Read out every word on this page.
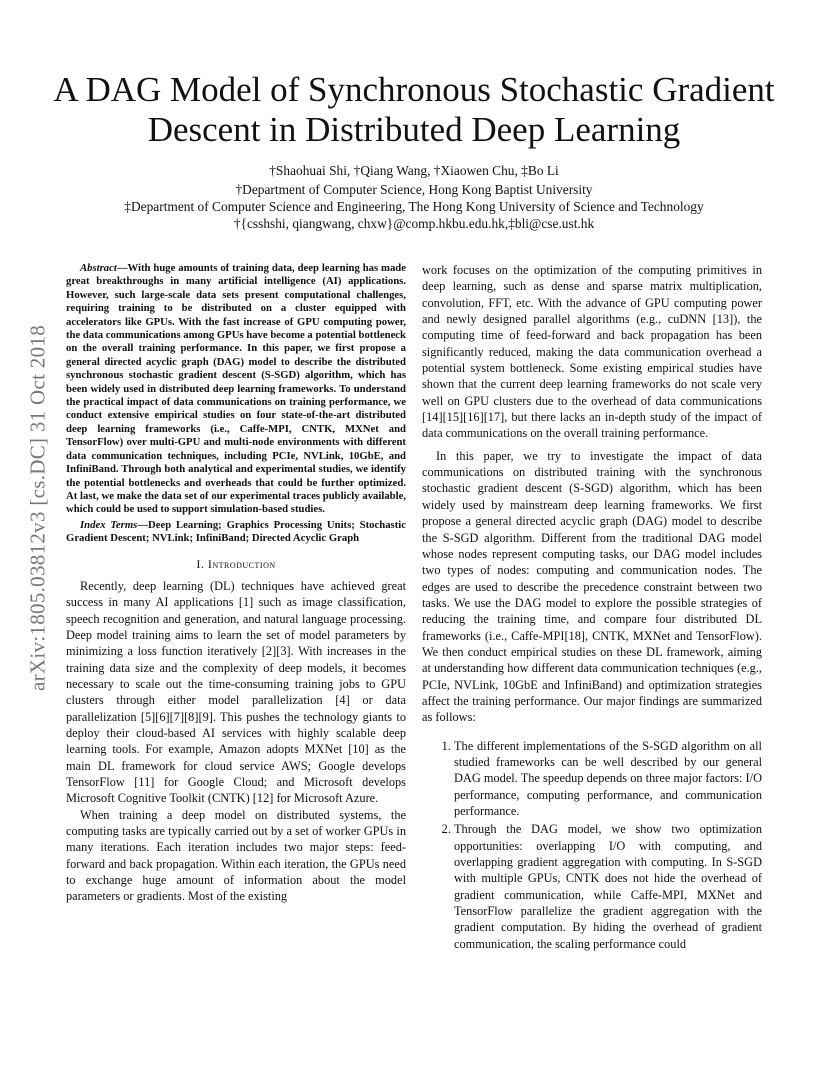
A DAG Model of Synchronous Stochastic Gradient Descent in Distributed Deep Learning
†Shaohuai Shi, †Qiang Wang, †Xiaowen Chu, ‡Bo Li
†Department of Computer Science, Hong Kong Baptist University
‡Department of Computer Science and Engineering, The Hong Kong University of Science and Technology
†{csshshi, qiangwang, chxw}@comp.hkbu.edu.hk,‡bli@cse.ust.hk
arXiv:1805.03812v3 [cs.DC] 31 Oct 2018

Abstract—With huge amounts of training data, deep learning has made great breakthroughs in many artificial intelligence (AI) applications. However, such large-scale data sets present computational challenges, requiring training to be distributed on a cluster equipped with accelerators like GPUs. With the fast increase of GPU computing power, the data communications among GPUs have become a potential bottleneck on the overall training performance. In this paper, we first propose a general directed acyclic graph (DAG) model to describe the distributed synchronous stochastic gradient descent (S-SGD) algorithm, which has been widely used in distributed deep learning frameworks. To understand the practical impact of data communications on training performance, we conduct extensive empirical studies on four state-of-the-art distributed deep learning frameworks (i.e., Caffe-MPI, CNTK, MXNet and TensorFlow) over multi-GPU and multi-node environments with different data communication techniques, including PCIe, NVLink, 10GbE, and InfiniBand. Through both analytical and experimental studies, we identify the potential bottlenecks and overheads that could be further optimized. At last, we make the data set of our experimental traces publicly available, which could be used to support simulation-based studies.

Index Terms—Deep Learning; Graphics Processing Units; Stochastic Gradient Descent; NVLink; InfiniBand; Directed Acyclic Graph

I. Introduction

Recently, deep learning (DL) techniques have achieved great success in many AI applications [1] such as image classification, speech recognition and generation, and natural language processing. Deep model training aims to learn the set of model parameters by minimizing a loss function iteratively [2][3]. With increases in the training data size and the complexity of deep models, it becomes necessary to scale out the time-consuming training jobs to GPU clusters through either model parallelization [4] or data parallelization [5][6][7][8][9]. This pushes the technology giants to deploy their cloud-based AI services with highly scalable deep learning tools. For example, Amazon adopts MXNet [10] as the main DL framework for cloud service AWS; Google develops TensorFlow [11] for Google Cloud; and Microsoft develops Microsoft Cognitive Toolkit (CNTK) [12] for Microsoft Azure.

When training a deep model on distributed systems, the computing tasks are typically carried out by a set of worker GPUs in many iterations. Each iteration includes two major steps: feed-forward and back propagation. Within each iteration, the GPUs need to exchange huge amount of information about the model parameters or gradients. Most of the existing

work focuses on the optimization of the computing primitives in deep learning, such as dense and sparse matrix multiplication, convolution, FFT, etc. With the advance of GPU computing power and newly designed parallel algorithms (e.g., cuDNN [13]), the computing time of feed-forward and back propagation has been significantly reduced, making the data communication overhead a potential system bottleneck. Some existing empirical studies have shown that the current deep learning frameworks do not scale very well on GPU clusters due to the overhead of data communications [14][15][16][17], but there lacks an in-depth study of the impact of data communications on the overall training performance.

In this paper, we try to investigate the impact of data communications on distributed training with the synchronous stochastic gradient descent (S-SGD) algorithm, which has been widely used by mainstream deep learning frameworks. We first propose a general directed acyclic graph (DAG) model to describe the S-SGD algorithm. Different from the traditional DAG model whose nodes represent computing tasks, our DAG model includes two types of nodes: computing and communication nodes. The edges are used to describe the precedence constraint between two tasks. We use the DAG model to explore the possible strategies of reducing the training time, and compare four distributed DL frameworks (i.e., Caffe-MPI[18], CNTK, MXNet and TensorFlow). We then conduct empirical studies on these DL framework, aiming at understanding how different data communication techniques (e.g., PCIe, NVLink, 10GbE and InfiniBand) and optimization strategies affect the training performance. Our major findings are summarized as follows:

1. The different implementations of the S-SGD algorithm on all studied frameworks can be well described by our general DAG model. The speedup depends on three major factors: I/O performance, computing performance, and communication performance.
2. Through the DAG model, we show two optimization opportunities: overlapping I/O with computing, and overlapping gradient aggregation with computing. In S-SGD with multiple GPUs, CNTK does not hide the overhead of gradient communication, while Caffe-MPI, MXNet and TensorFlow parallelize the gradient aggregation with the gradient computation. By hiding the overhead of gradient communication, the scaling performance could
